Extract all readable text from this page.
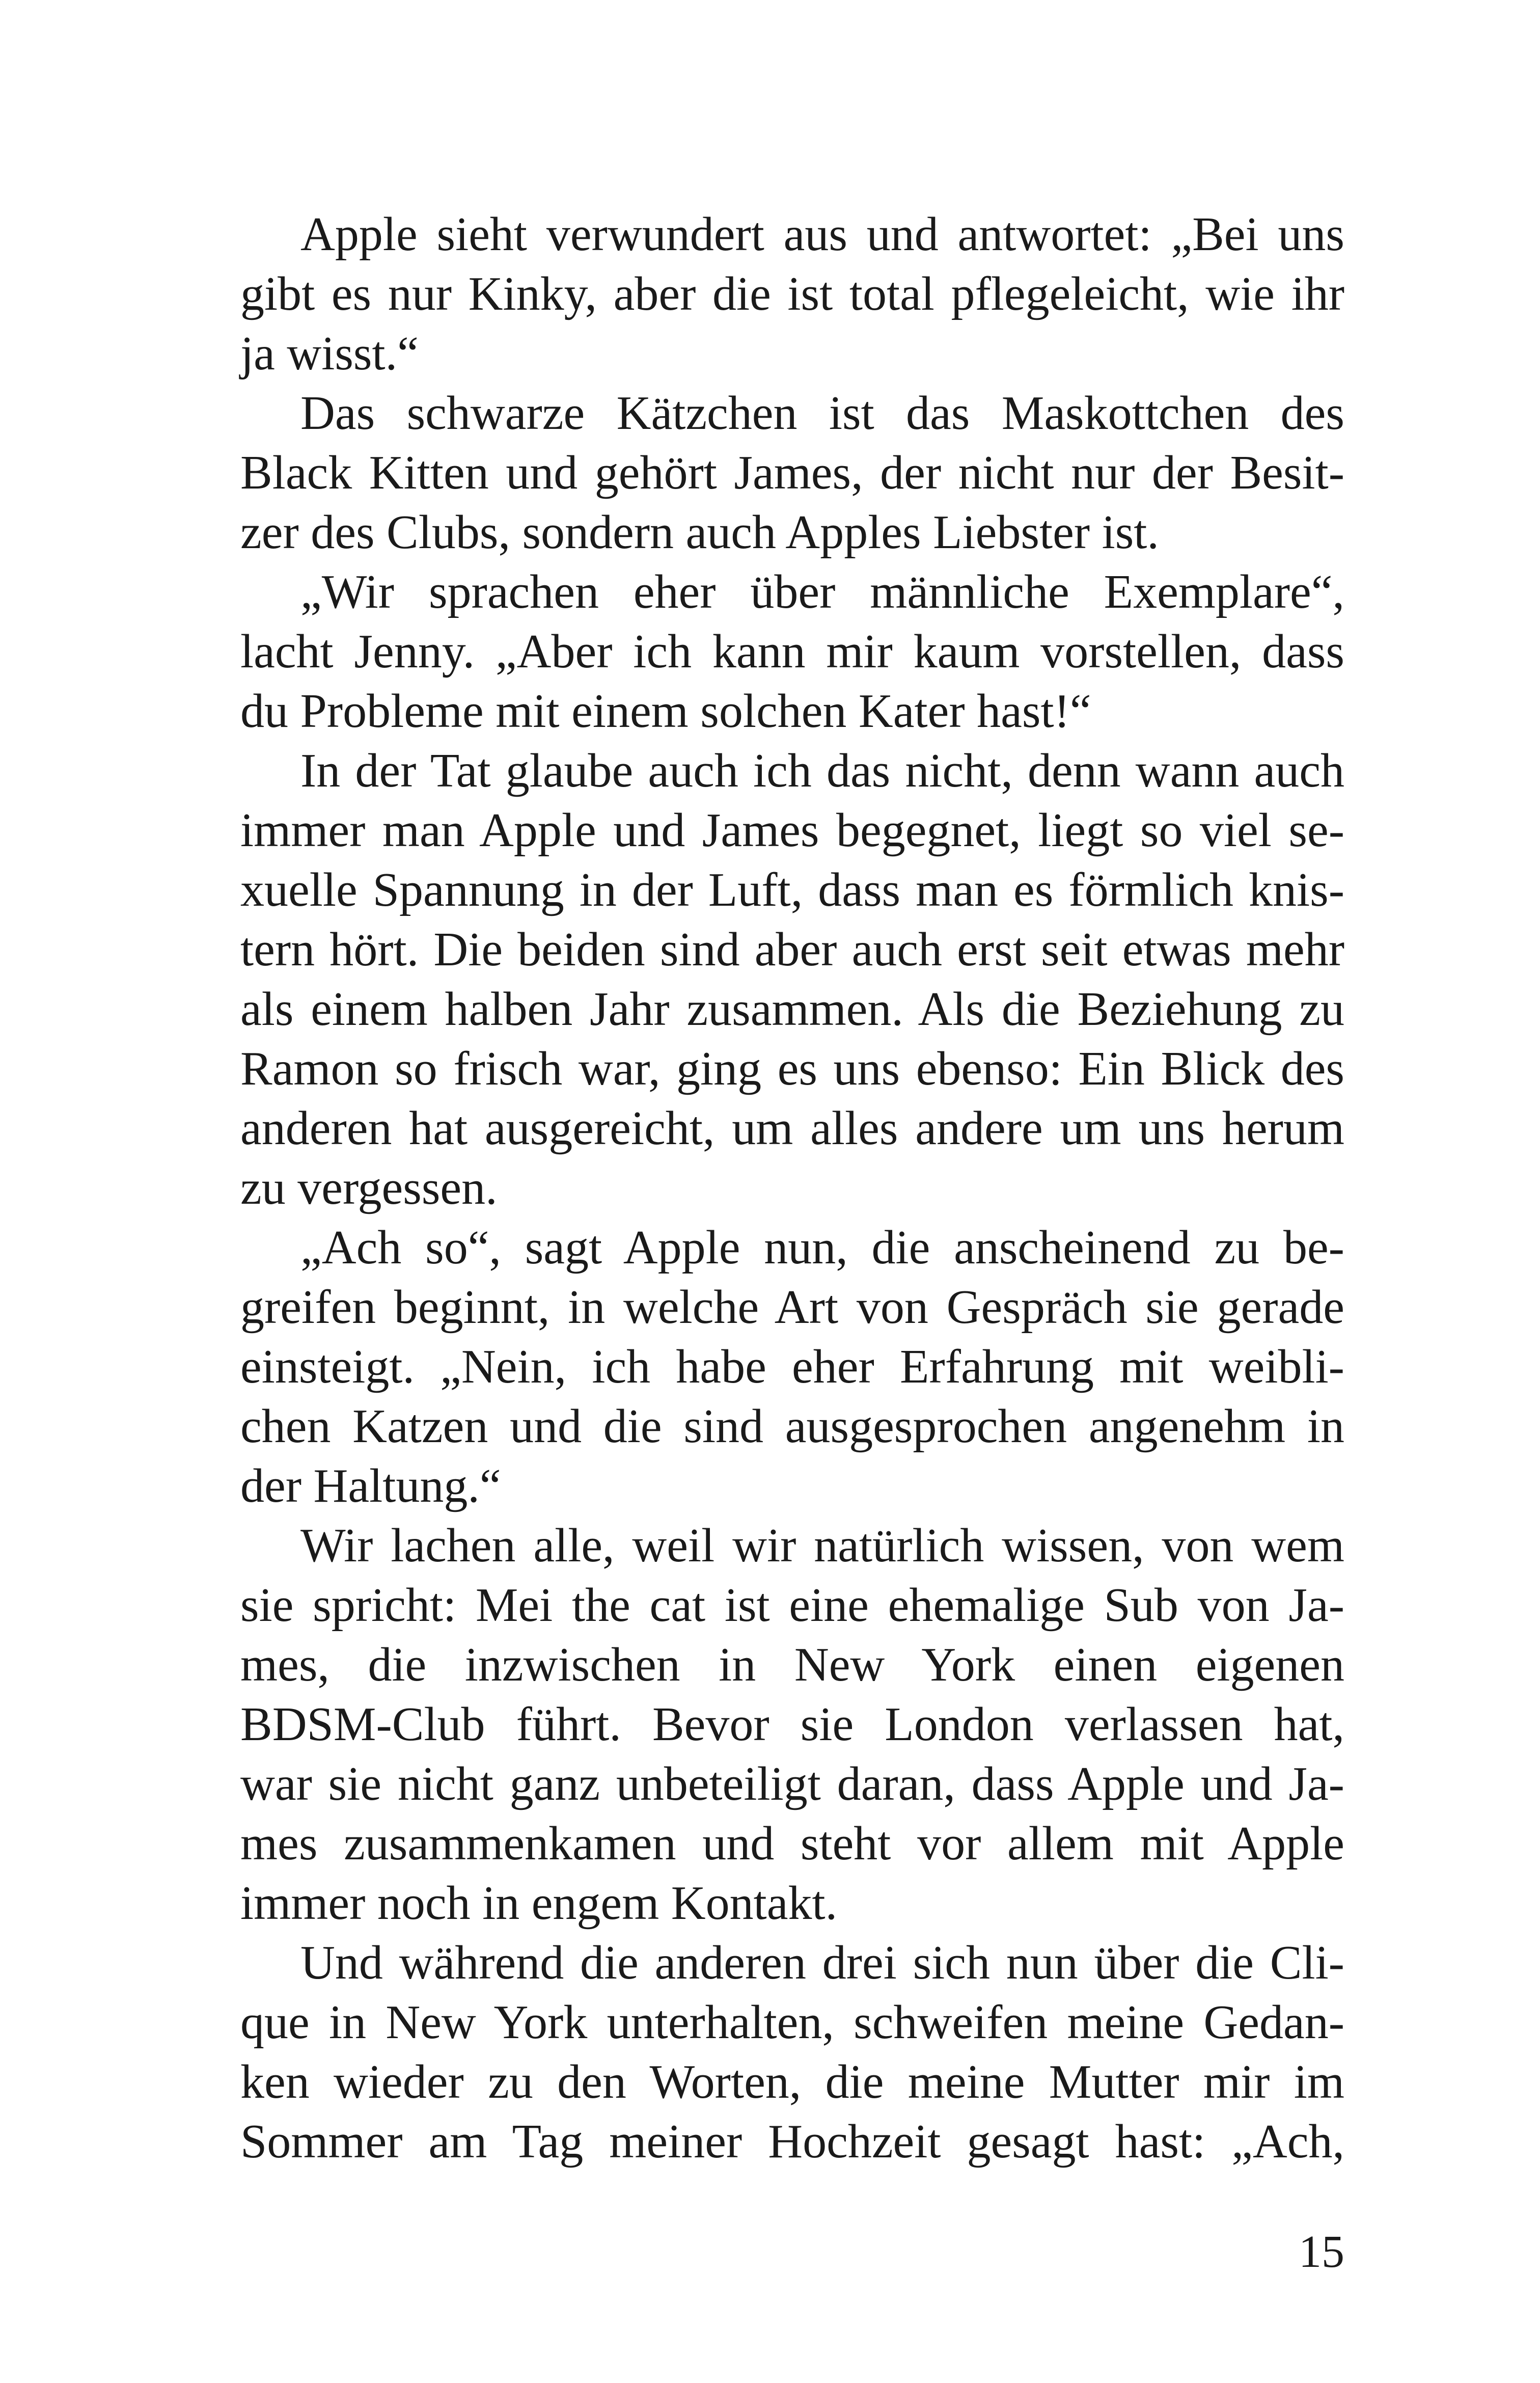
Apple sieht verwundert aus und antwortet: „Bei uns
gibt es nur Kinky, aber die ist total pflegeleicht, wie ihr
ja wisst.“
Das schwarze Kätzchen ist das Maskottchen des
Black Kitten und gehört James, der nicht nur der Besit-
zer des Clubs, sondern auch Apples Liebster ist.
„Wir sprachen eher über männliche Exemplare“,
lacht Jenny. „Aber ich kann mir kaum vorstellen, dass
du Probleme mit einem solchen Kater hast!“
In der Tat glaube auch ich das nicht, denn wann auch
immer man Apple und James begegnet, liegt so viel se-
xuelle Spannung in der Luft, dass man es förmlich knis-
tern hört. Die beiden sind aber auch erst seit etwas mehr
als einem halben Jahr zusammen. Als die Beziehung zu
Ramon so frisch war, ging es uns ebenso: Ein Blick des
anderen hat ausgereicht, um alles andere um uns herum
zu vergessen.
„Ach so“, sagt Apple nun, die anscheinend zu be-
greifen beginnt, in welche Art von Gespräch sie gerade
einsteigt. „Nein, ich habe eher Erfahrung mit weibli-
chen Katzen und die sind ausgesprochen angenehm in
der Haltung.“
Wir lachen alle, weil wir natürlich wissen, von wem
sie spricht: Mei the cat ist eine ehemalige Sub von Ja-
mes, die inzwischen in New York einen eigenen
BDSM-Club führt. Bevor sie London verlassen hat,
war sie nicht ganz unbeteiligt daran, dass Apple und Ja-
mes zusammenkamen und steht vor allem mit Apple
immer noch in engem Kontakt.
Und während die anderen drei sich nun über die Cli-
que in New York unterhalten, schweifen meine Gedan-
ken wieder zu den Worten, die meine Mutter mir im
Sommer am Tag meiner Hochzeit gesagt hast: „Ach,
15
